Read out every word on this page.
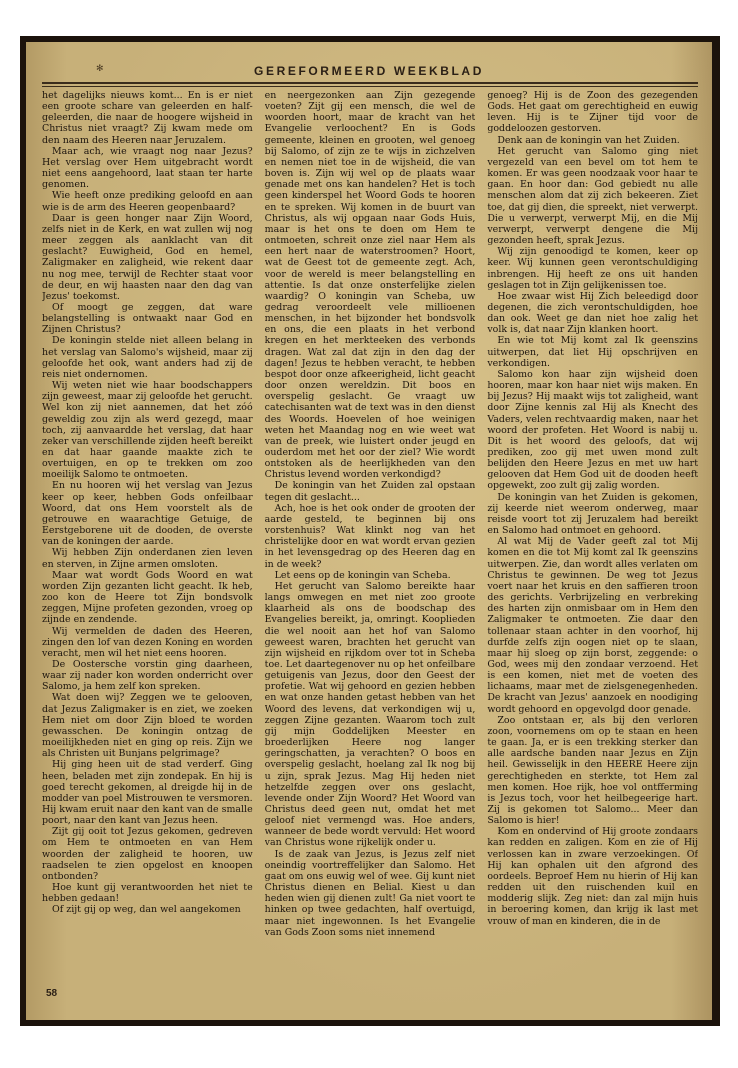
✻	GEREFORMEERD WEEKBLAD

het dagelijks nieuws komt... En is er niet een groote schare van geleerden en half-geleerden, die naar de hoogere wijsheid in Christus niet vraagt? Zij kwam mede om den naam des Heeren naar Jeruzalem.

Maar ach, wie vraagt nog naar Jezus? Het verslag over Hem uitgebracht wordt niet eens aangehoord, laat staan ter harte genomen.

Wie heeft onze prediking geloofd en aan wie is de arm des Heeren geopenbaard?

Daar is geen honger naar Zijn Woord, zelfs niet in de Kerk, en wat zullen wij nog meer zeggen als aanklacht van dit geslacht? Euwigheid, God en hemel, Zaligmaker en zaligheid, wie rekent daar nu nog mee, terwijl de Rechter staat voor de deur, en wij haasten naar den dag van Jezus' toekomst.

Of moogt ge zeggen, dat ware belangstelling is ontwaakt naar God en Zijnen Christus?

De koningin stelde niet alleen belang in het verslag van Salomo's wijsheid, maar zij geloofde het ook, want anders had zij de reis niet ondernomen.

Wij weten niet wie haar boodschappers zijn geweest, maar zij geloofde het gerucht. Wel kon zij niet aannemen, dat het zóó geweldig zou zijn als werd gezegd, maar toch, zij aanvaardde het verslag, dat haar zeker van verschillende zijden heeft bereikt en dat haar gaande maakte zich te overtuigen, en op te trekken om zoo moeilijk Salomo te ontmoeten.

En nu hooren wij het verslag van Jezus keer op keer, hebben Gods onfeilbaar Woord, dat ons Hem voorstelt als de getrouwe en waarachtige Getuige, de Eerstgeborene uit de dooden, de overste van de koningen der aarde.

Wij hebben Zijn onderdanen zien leven en sterven, in Zijne armen omsloten.

Maar wat wordt Gods Woord en wat worden Zijn gezanten licht geacht. Ik heb, zoo kon de Heere tot Zijn bondsvolk zeggen, Mijne profeten gezonden, vroeg op zijnde en zendende.

Wij vermelden de daden des Heeren, zingen den lof van dezen Koning en worden veracht, men wil het niet eens hooren.

De Oostersche vorstin ging daarheen, waar zij nader kon worden onderricht over Salomo, ja hem zelf kon spreken.

Wat doen wij? Zeggen we te gelooven, dat Jezus Zaligmaker is en ziet, we zoeken Hem niet om door Zijn bloed te worden gewasschen. De koningin ontzag de moeilijkheden niet en ging op reis. Zijn we als Christen uit Bunjans pelgrimage?

Hij ging heen uit de stad verderf. Ging heen, beladen met zijn zondepak. En hij is goed terecht gekomen, al dreigde hij in de modder van poel Mistrouwen te versmoren. Hij kwam eruit naar den kant van de smalle poort, naar den kant van Jezus heen.

Zijt gij ooit tot Jezus gekomen, gedreven om Hem te ontmoeten en van Hem woorden der zaligheid te hooren, uw raadselen te zien opgelost en knoopen ontbonden?

Hoe kunt gij verantwoorden het niet te hebben gedaan!

Of zijt gij op weg, dan wel aangekomen

en neergezonken aan Zijn gezegende voeten? Zijt gij een mensch, die wel de woorden hoort, maar de kracht van het Evangelie verloochent? En is Gods gemeente, kleinen en grooten, wel genoeg bij Salomo, of zijn ze te wijs in zichzelven en nemen niet toe in de wijsheid, die van boven is. Zijn wij wel op de plaats waar genade met ons kan handelen? Het is toch geen kinderspel het Woord Gods te hooren en te spreken. Wij komen in de buurt van Christus, als wij opgaan naar Gods Huis, maar is het ons te doen om Hem te ontmoeten, schreit onze ziel naar Hem als een hert naar de waterstroomen? Hoort, wat de Geest tot de gemeente zegt. Ach, voor de wereld is meer belangstelling en attentie. Is dat onze onsterfelijke zielen waardig? O koningin van Scheba, uw gedrag veroordeelt vele millioenen menschen, in het bijzonder het bondsvolk en ons, die een plaats in het verbond kregen en het merkteeken des verbonds dragen. Wat zal dat zijn in den dag der dagen! Jezus te hebben veracht, te hebben bespot door onze afkeerigheid, licht geacht door onzen wereldzin. Dit boos en overspelig geslacht. Ge vraagt uw catechisanten wat de text was in den dienst des Woords. Hoevelen of hoe weinigen weten het Maandag nog en wie weet wat van de preek, wie luistert onder jeugd en ouderdom met het oor der ziel? Wie wordt ontstoken als de heerlijkheden van den Christus levend worden verkondigd?

De koningin van het Zuiden zal opstaan tegen dit geslacht...

Ach, hoe is het ook onder de grooten der aarde gesteld, te beginnen bij ons vorstenhuis? Wat klinkt nog van het christelijke door en wat wordt ervan gezien in het levensgedrag op des Heeren dag en in de week?

Let eens op de koningin van Scheba.

Het gerucht van Salomo bereikte haar langs omwegen en met niet zoo groote klaarheid als ons de boodschap des Evangelies bereikt, ja, omringt. Kooplieden die wel nooit aan het hof van Salomo geweest waren, brachten het gerucht van zijn wijsheid en rijkdom over tot in Scheba toe. Let daartegenover nu op het onfeilbare getuigenis van Jezus, door den Geest der profetie. Wat wij gehoord en gezien hebben en wat onze handen getast hebben van het Woord des levens, dat verkondigen wij u, zeggen Zijne gezanten. Waarom toch zult gij mijn Goddelijken Meester en broederlijken Heere nog langer geringschatten, ja verachten? O boos en overspelig geslacht, hoelang zal Ik nog bij u zijn, sprak Jezus. Mag Hij heden niet hetzelfde zeggen over ons geslacht, levende onder Zijn Woord? Het Woord van Christus deed geen nut, omdat het met geloof niet vermengd was. Hoe anders, wanneer de bede wordt vervuld: Het woord van Christus wone rijkelijk onder u.

Is de zaak van Jezus, is Jezus zelf niet oneindig voortreffelijker dan Salomo. Het gaat om ons euwig wel of wee. Gij kunt niet Christus dienen en Belial. Kiest u dan heden wien gij dienen zult! Ga niet voort te hinken op twee gedachten, half overtuigd, maar niet ingewonnen. Is het Evangelie van Gods Zoon soms niet innemend

genoeg? Hij is de Zoon des gezegenden Gods. Het gaat om gerechtigheid en euwig leven. Hij is te Zijner tijd voor de goddeloozen gestorven.

Denk aan de koningin van het Zuiden.

Het gerucht van Salomo ging niet vergezeld van een bevel om tot hem te komen. Er was geen noodzaak voor haar te gaan. En hoor dan: God gebiedt nu alle menschen alom dat zij zich bekeeren. Ziet toe, dat gij dien, die spreekt, niet verwerpt. Die u verwerpt, verwerpt Mij, en die Mij verwerpt, verwerpt dengene die Mij gezonden heeft, sprak Jezus.

Wij zijn genoodigd te komen, keer op keer. Wij kunnen geen verontschuldiging inbrengen. Hij heeft ze ons uit handen geslagen tot in Zijn gelijkenissen toe.

Hoe zwaar wist Hij Zich beleedigd door degenen, die zich verontschuldigden, hoe dan ook. Weet ge dan niet hoe zalig het volk is, dat naar Zijn klanken hoort.

En wie tot Mij komt zal Ik geenszins uitwerpen, dat liet Hij opschrijven en verkondigen.

Salomo kon haar zijn wijsheid doen hooren, maar kon haar niet wijs maken. En bij Jezus? Hij maakt wijs tot zaligheid, want door Zijne kennis zal Hij als Knecht des Vaders, velen rechtvaardig maken, naar het woord der profeten. Het Woord is nabij u. Dit is het woord des geloofs, dat wij prediken, zoo gij met uwen mond zult belijden den Heere Jezus en met uw hart gelooven dat Hem God uit de dooden heeft opgewekt, zoo zult gij zalig worden.

De koningin van het Zuiden is gekomen, zij keerde niet weerom onderweg, maar reisde voort tot zij Jeruzalem had bereikt en Salomo had ontmoet en gehoord.

Al wat Mij de Vader geeft zal tot Mij komen en die tot Mij komt zal Ik geenszins uitwerpen. Zie, dan wordt alles verlaten om Christus te gewinnen. De weg tot Jezus voert naar het kruis en den saffieren troon des gerichts. Verbrijzeling en verbreking des harten zijn onmisbaar om in Hem den Zaligmaker te ontmoeten. Zie daar den tollenaar staan achter in den voorhof, hij durfde zelfs zijn oogen niet op te slaan, maar hij sloeg op zijn borst, zeggende: o God, wees mij den zondaar verzoend. Het is een komen, niet met de voeten des lichaams, maar met de zielsgenegenheden. De kracht van Jezus' aanzoek en noodiging wordt gehoord en opgevolgd door genade.

Zoo ontstaan er, als bij den verloren zoon, voornemens om op te staan en heen te gaan. Ja, er is een trekking sterker dan alle aardsche banden naar Jezus en Zijn heil. Gewisselijk in den HEERE Heere zijn gerechtigheden en sterkte, tot Hem zal men komen. Hoe rijk, hoe vol ontfferming is Jezus toch, voor het heilbegeerige hart. Zij is gekomen tot Salomo... Meer dan Salomo is hier!

Kom en ondervind of Hij groote zondaars kan redden en zaligen. Kom en zie of Hij verlossen kan in zware verzoekingen. Of Hij kan ophalen uit den afgrond des oordeels. Beproef Hem nu hierin of Hij kan redden uit den ruischenden kuil en modderig slijk. Zeg niet: dan zal mijn huis in beroering komen, dan krijg ik last met vrouw of man en kinderen, die in de

58
